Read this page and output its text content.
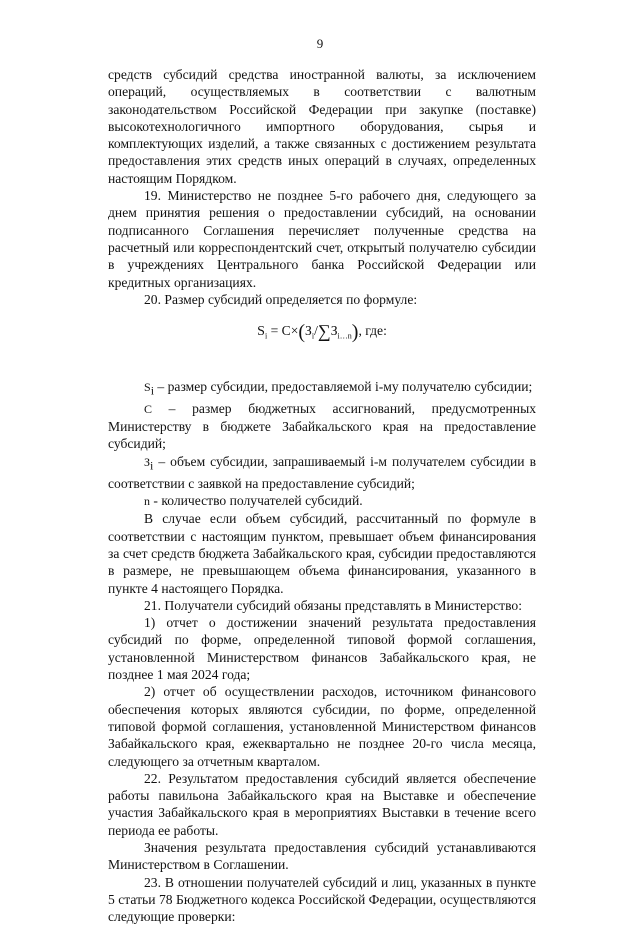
9

средств субсидий средства иностранной валюты, за исключением операций, осуществляемых в соответствии с валютным законодательством Российской Федерации при закупке (поставке) высокотехнологичного импортного оборудования, сырья и комплектующих изделий, а также связанных с достижением результата предоставления этих средств иных операций в случаях, определенных настоящим Порядком.

19. Министерство не позднее 5-го рабочего дня, следующего за днем принятия решения о предоставлении субсидий, на основании подписанного Соглашения перечисляет полученные средства на расчетный или корреспондентский счет, открытый получателю субсидии в учреждениях Центрального банка Российской Федерации или кредитных организациях.

20. Размер субсидий определяется по формуле:

$S_i = C\times(З_i/\sum З_{i\dots n})$, где:

$S_i$ – размер субсидии, предоставляемой i-му получателю субсидии;

C – размер бюджетных ассигнований, предусмотренных Министерству в бюджете Забайкальского края на предоставление субсидий;

$З_i$ – объем субсидии, запрашиваемый i-м получателем субсидии в соответствии с заявкой на предоставление субсидий;

n - количество получателей субсидий.

В случае если объем субсидий, рассчитанный по формуле в соответствии с настоящим пунктом, превышает объем финансирования за счет средств бюджета Забайкальского края, субсидии предоставляются в размере, не превышающем объема финансирования, указанного в пункте 4 настоящего Порядка.

21. Получатели субсидий обязаны представлять в Министерство:

1) отчет о достижении значений результата предоставления субсидий по форме, определенной типовой формой соглашения, установленной Министерством финансов Забайкальского края, не позднее 1 мая 2024 года;

2) отчет об осуществлении расходов, источником финансового обеспечения которых являются субсидии, по форме, определенной типовой формой соглашения, установленной Министерством финансов Забайкальского края, ежеквартально не позднее 20-го числа месяца, следующего за отчетным кварталом.

22. Результатом предоставления субсидий является обеспечение работы павильона Забайкальского края на Выставке и обеспечение участия Забайкальского края в мероприятиях Выставки в течение всего периода ее работы.

Значения результата предоставления субсидий устанавливаются Министерством в Соглашении.

23. В отношении получателей субсидий и лиц, указанных в пункте 5 статьи 78 Бюджетного кодекса Российской Федерации, осуществляются следующие проверки:
